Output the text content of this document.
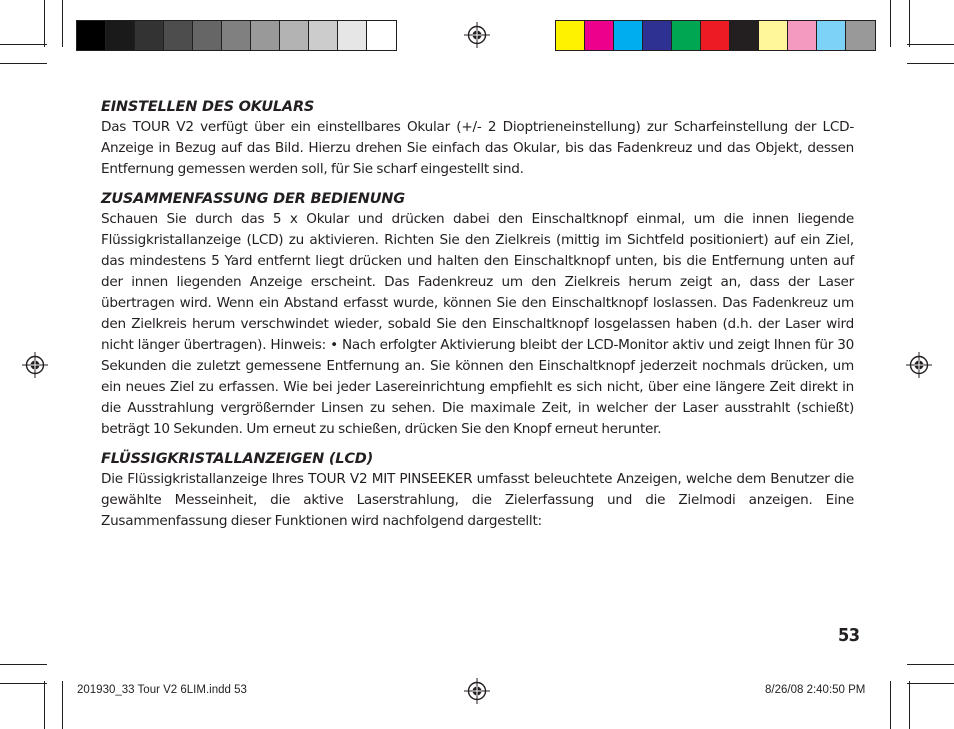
EINSTELLEN DES OKULARS

Das TOUR V2 verfügt über ein einstellbares Okular (+/- 2 Dioptrieneinstellung) zur Scharfeinstellung der LCD-Anzeige in Bezug auf das Bild. Hierzu drehen Sie einfach das Okular, bis das Fadenkreuz und das Objekt, dessen Entfernung gemessen werden soll, für Sie scharf eingestellt sind.

ZUSAMMENFASSUNG DER BEDIENUNG

Schauen Sie durch das 5 x Okular und drücken dabei den Einschaltknopf einmal, um die innen liegende Flüssigkristallanzeige (LCD) zu aktivieren. Richten Sie den Zielkreis (mittig im Sichtfeld positioniert) auf ein Ziel, das mindestens 5 Yard entfernt liegt drücken und halten den Einschaltknopf unten, bis die Entfernung unten auf der innen liegenden Anzeige erscheint. Das Fadenkreuz um den Zielkreis herum zeigt an, dass der Laser übertragen wird. Wenn ein Abstand erfasst wurde, können Sie den Einschaltknopf loslassen. Das Fadenkreuz um den Zielkreis herum verschwindet wieder, sobald Sie den Einschaltknopf losgelassen haben (d.h. der Laser wird nicht länger übertragen). Hinweis: • Nach erfolgter Aktivierung bleibt der LCD-Monitor aktiv und zeigt Ihnen für 30 Sekunden die zuletzt gemessene Entfernung an. Sie können den Einschaltknopf jederzeit nochmals drücken, um ein neues Ziel zu erfassen. Wie bei jeder Lasereinrichtung empfiehlt es sich nicht, über eine längere Zeit direkt in die Ausstrahlung vergrößernder Linsen zu sehen. Die maximale Zeit, in welcher der Laser ausstrahlt (schießt) beträgt 10 Sekunden. Um erneut zu schießen, drücken Sie den Knopf erneut herunter.

FLÜSSIGKRISTALLANZEIGEN (LCD)

Die Flüssigkristallanzeige Ihres TOUR V2 MIT PINSEEKER umfasst beleuchtete Anzeigen, welche dem Benutzer die gewählte Messeinheit, die aktive Laserstrahlung, die Zielerfassung und die Zielmodi anzeigen. Eine Zusammenfassung dieser Funktionen wird nachfolgend dargestellt:

53
201930_33 Tour V2 6LIM.indd 53	8/26/08 2:40:50 PM
